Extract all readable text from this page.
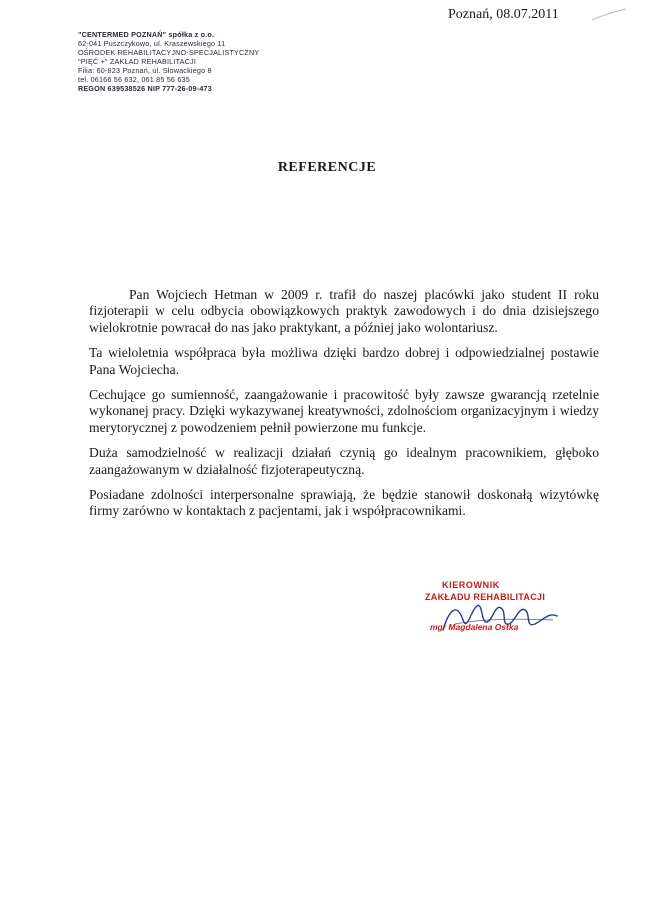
Poznań, 08.07.2011
"CENTERMED POZNAŃ" spółka z o.o.
62-041 Puszczykowo, ul. Kraszewskiego 11
OŚRODEK REHABILITACYJNO-SPECJALISTYCZNY
"PIĘĆ +" ZAKŁAD REHABILITACJI
Filia: 60-823 Poznań, ul. Słowackiego 8
tel. 06166 56 632, 061 85 56 635
REGON 639538526 NIP 777-26-09-473
REFERENCJE

Pan Wojciech Hetman w 2009 r. trafił do naszej placówki jako student II roku fizjoterapii w celu odbycia obowiązkowych praktyk zawodowych i do dnia dzisiejszego wielokrotnie powracał do nas jako praktykant, a później jako wolontariusz.

Ta wieloletnia współpraca była możliwa dzięki bardzo dobrej i odpowiedzialnej postawie Pana Wojciecha.

Cechujące go sumienność, zaangażowanie i pracowitość były zawsze gwarancją rzetelnie wykonanej pracy. Dzięki wykazywanej kreatywności, zdolnościom organizacyjnym i wiedzy merytorycznej z powodzeniem pełnił powierzone mu funkcje.

Duża samodzielność w realizacji działań czynią go idealnym pracownikiem, głęboko zaangażowanym w działalność fizjoterapeutyczną.

Posiadane zdolności interpersonalne sprawiają, że będzie stanowił doskonałą wizytówkę firmy zarówno w kontaktach z pacjentami, jak i współpracownikami.

KIEROWNIK
ZAKŁADU REHABILITACJI
mgr Magdalena Ostka
